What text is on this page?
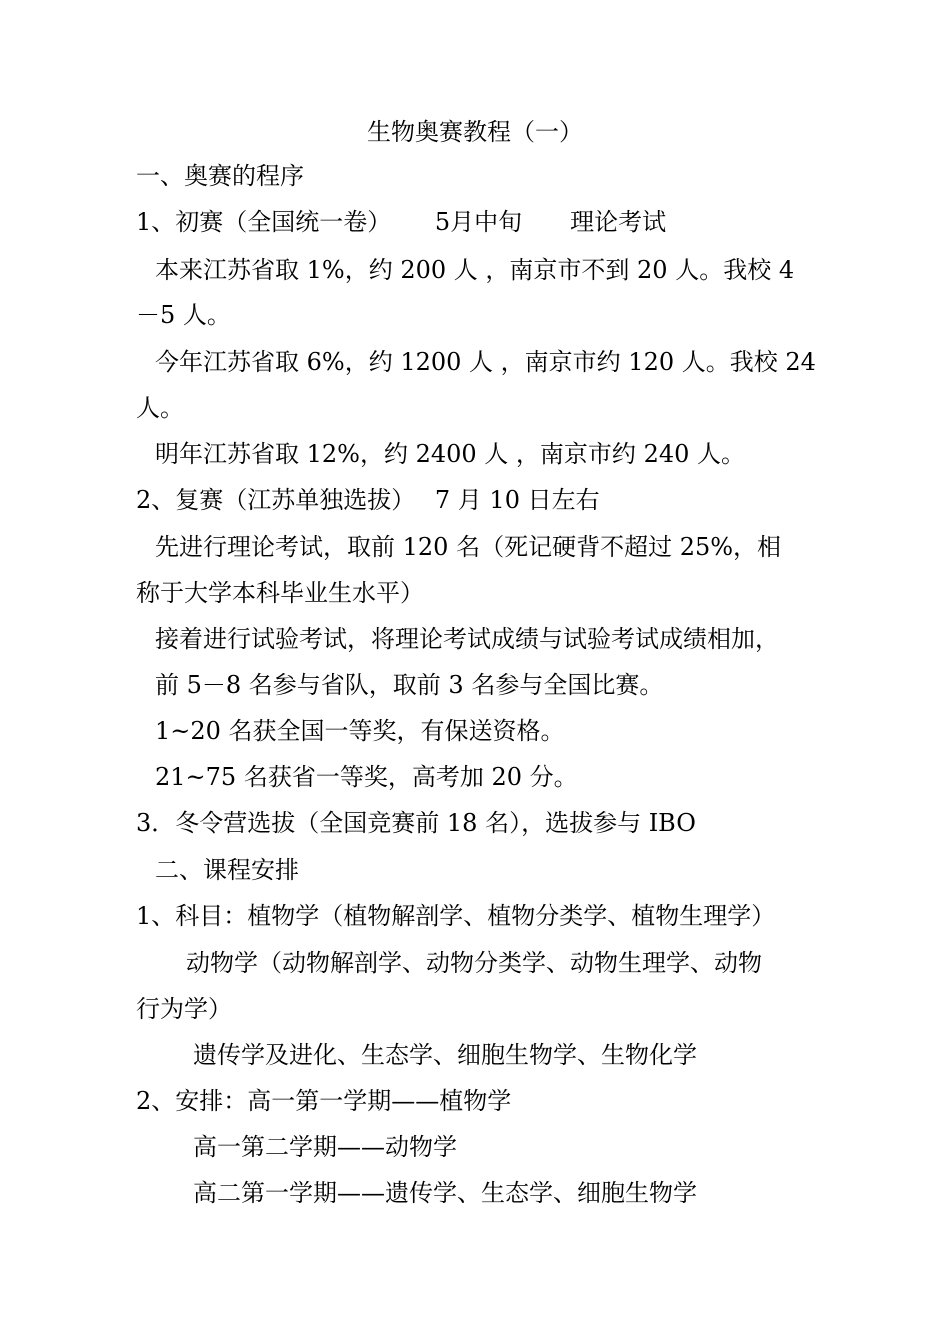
生物奥赛教程（一）
一、奥赛的程序
1、初赛（全国统一卷）　　 5月中旬　　理论考试
本来江苏省取 1%，约 200 人 ，南京市不到 20 人。我校 4
－5 人。
今年江苏省取 6%，约 1200 人 ，南京市约 120 人。我校 24
人。
明年江苏省取 12%，约 2400 人 ，南京市约 240 人。
2、复赛（江苏单独选拔）　 7 月 10 日左右
先进行理论考试，取前 120 名（死记硬背不超过 25%，相
称于大学本科毕业生水平）
接着进行试验考试，将理论考试成绩与试验考试成绩相加，
前 5－8 名参与省队，取前 3 名参与全国比赛。
1~20 名获全国一等奖，有保送资格。
21~75 名获省一等奖，高考加 20 分。
3．冬令营选拔（全国竞赛前 18 名），选拔参与 IBO
二、课程安排
1、科目：植物学（植物解剖学、植物分类学、植物生理学）
动物学（动物解剖学、动物分类学、动物生理学、动物
行为学）
遗传学及进化、生态学、细胞生物学、生物化学
2、安排：高一第一学期——植物学
高一第二学期——动物学
高二第一学期——遗传学、生态学、细胞生物学
